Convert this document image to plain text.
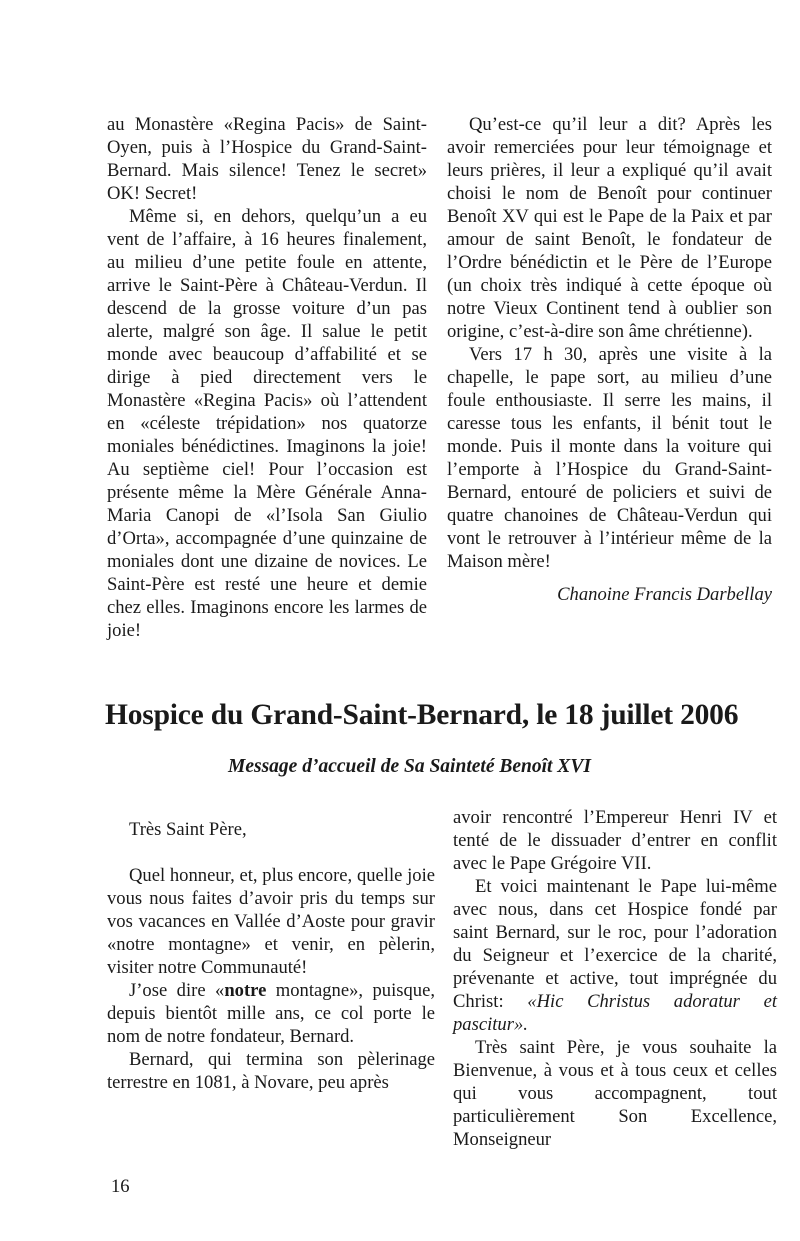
au Monastère «Regina Pacis» de Saint-Oyen, puis à l’Hospice du Grand-Saint-Bernard. Mais silence! Tenez le secret» OK! Secret!

Même si, en dehors, quelqu’un a eu vent de l’affaire, à 16 heures finalement, au milieu d’une petite foule en attente, arrive le Saint-Père à Château-Verdun. Il descend de la grosse voiture d’un pas alerte, malgré son âge. Il salue le petit monde avec beaucoup d’affabilité et se dirige à pied directement vers le Monastère «Regina Pacis» où l’attendent en «céleste trépidation» nos quatorze moniales bénédictines. Imaginons la joie! Au septième ciel! Pour l’occasion est présente même la Mère Générale Anna-Maria Canopi de «l’Isola San Giulio d’Orta», accompagnée d’une quinzaine de moniales dont une dizaine de novices. Le Saint-Père est resté une heure et demie chez elles. Imaginons encore les larmes de joie!

Qu’est-ce qu’il leur a dit? Après les avoir remerciées pour leur témoignage et leurs prières, il leur a expliqué qu’il avait choisi le nom de Benoît pour continuer Benoît XV qui est le Pape de la Paix et par amour de saint Benoît, le fondateur de l’Ordre bénédictin et le Père de l’Europe (un choix très indiqué à cette époque où notre Vieux Continent tend à oublier son origine, c’est-à-dire son âme chrétienne).

Vers 17 h 30, après une visite à la chapelle, le pape sort, au milieu d’une foule enthousiaste. Il serre les mains, il caresse tous les enfants, il bénit tout le monde. Puis il monte dans la voiture qui l’emporte à l’Hospice du Grand-Saint-Bernard, entouré de policiers et suivi de quatre chanoines de Château-Verdun qui vont le retrouver à l’intérieur même de la Maison mère!

Chanoine Francis Darbellay

Hospice du Grand-Saint-Bernard, le 18 juillet 2006
Message d’accueil de Sa Sainteté Benoît XVI

Très Saint Père,

Quel honneur, et, plus encore, quelle joie vous nous faites d’avoir pris du temps sur vos vacances en Vallée d’Aoste pour gravir «notre montagne» et venir, en pèlerin, visiter notre Communauté!

J’ose dire «notre montagne», puisque, depuis bientôt mille ans, ce col porte le nom de notre fondateur, Bernard.

Bernard, qui termina son pèlerinage terrestre en 1081, à Novare, peu après

avoir rencontré l’Empereur Henri IV et tenté de le dissuader d’entrer en conflit avec le Pape Grégoire VII.

Et voici maintenant le Pape lui-même avec nous, dans cet Hospice fondé par saint Bernard, sur le roc, pour l’adoration du Seigneur et l’exercice de la charité, prévenante et active, tout imprégnée du Christ: «Hic Christus adoratur et pascitur».

Très saint Père, je vous souhaite la Bienvenue, à vous et à tous ceux et celles qui vous accompagnent, tout particulièrement Son Excellence, Monseigneur

16
